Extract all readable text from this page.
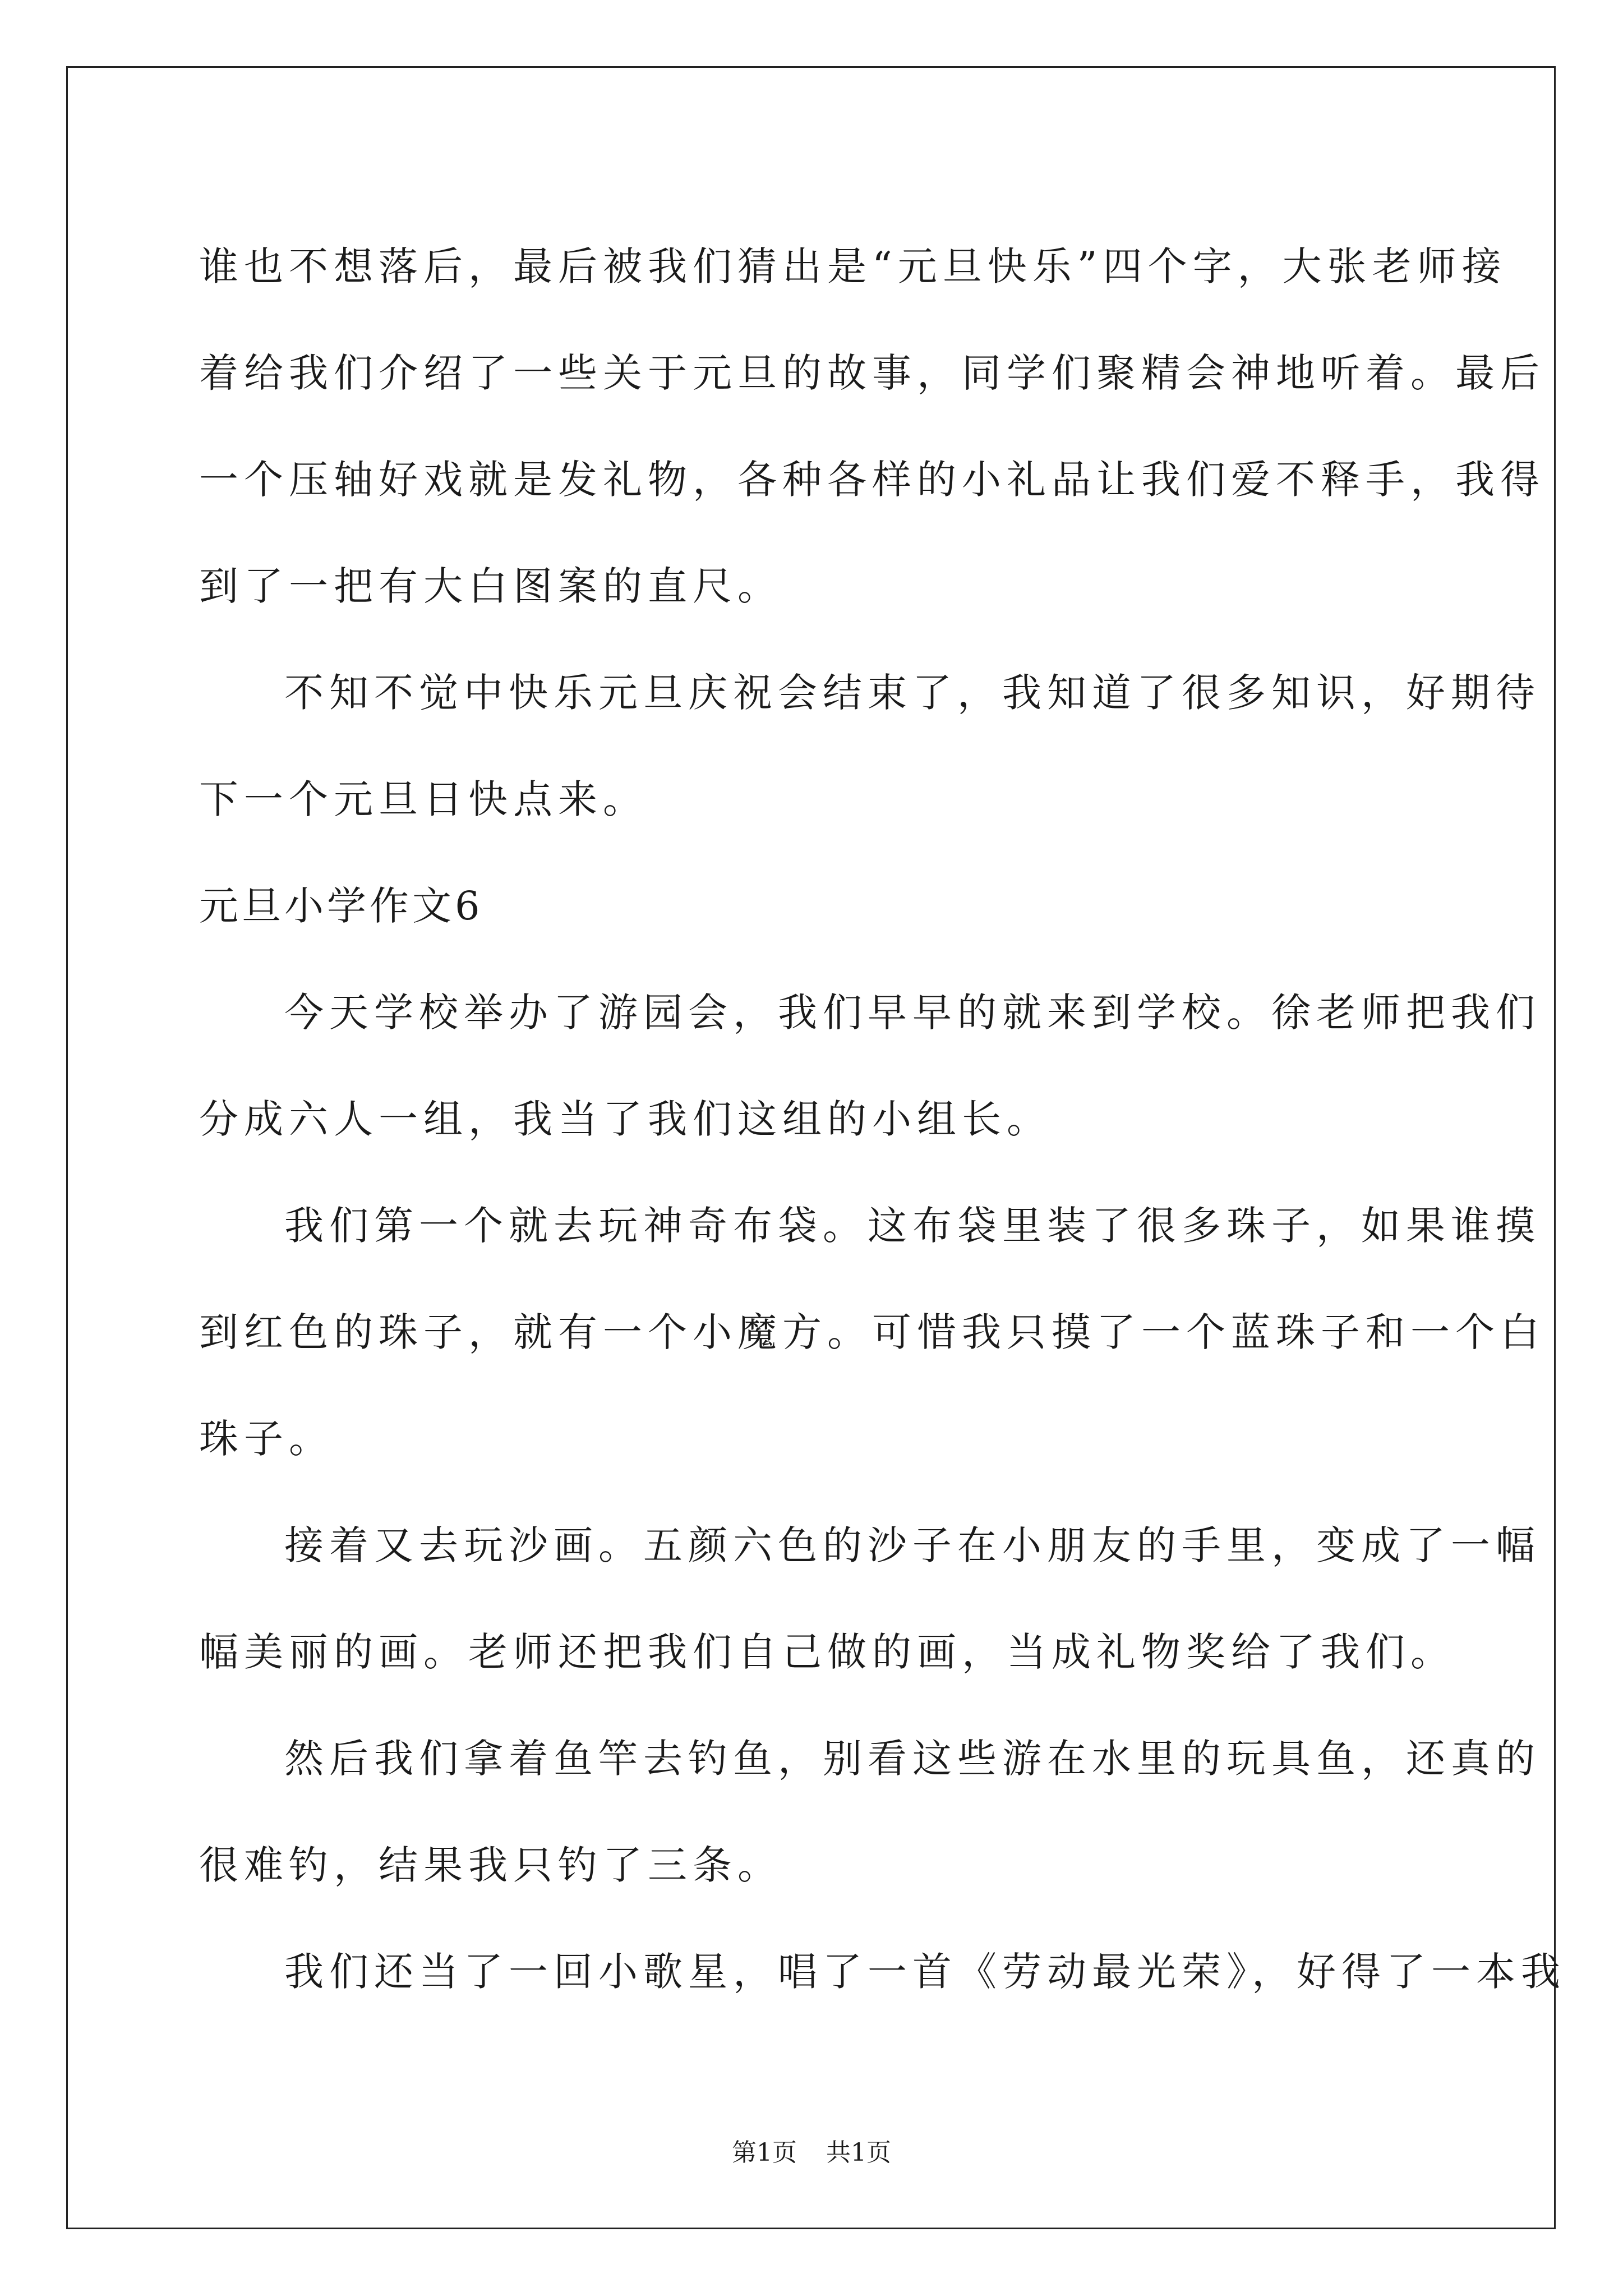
谁也不想落后，最后被我们猜出是“元旦快乐”四个字，大张老师接
着给我们介绍了一些关于元旦的故事，同学们聚精会神地听着。最后
一个压轴好戏就是发礼物，各种各样的小礼品让我们爱不释手，我得
到了一把有大白图案的直尺。
不知不觉中快乐元旦庆祝会结束了，我知道了很多知识，好期待
下一个元旦日快点来。
元旦小学作文6
今天学校举办了游园会，我们早早的就来到学校。徐老师把我们
分成六人一组，我当了我们这组的小组长。
我们第一个就去玩神奇布袋。这布袋里装了很多珠子，如果谁摸
到红色的珠子，就有一个小魔方。可惜我只摸了一个蓝珠子和一个白
珠子。
接着又去玩沙画。五颜六色的沙子在小朋友的手里，变成了一幅
幅美丽的画。老师还把我们自己做的画，当成礼物奖给了我们。
然后我们拿着鱼竿去钓鱼，别看这些游在水里的玩具鱼，还真的
很难钓，结果我只钓了三条。
我们还当了一回小歌星，唱了一首《劳动最光荣》，好得了一本我
第1页 共1页
